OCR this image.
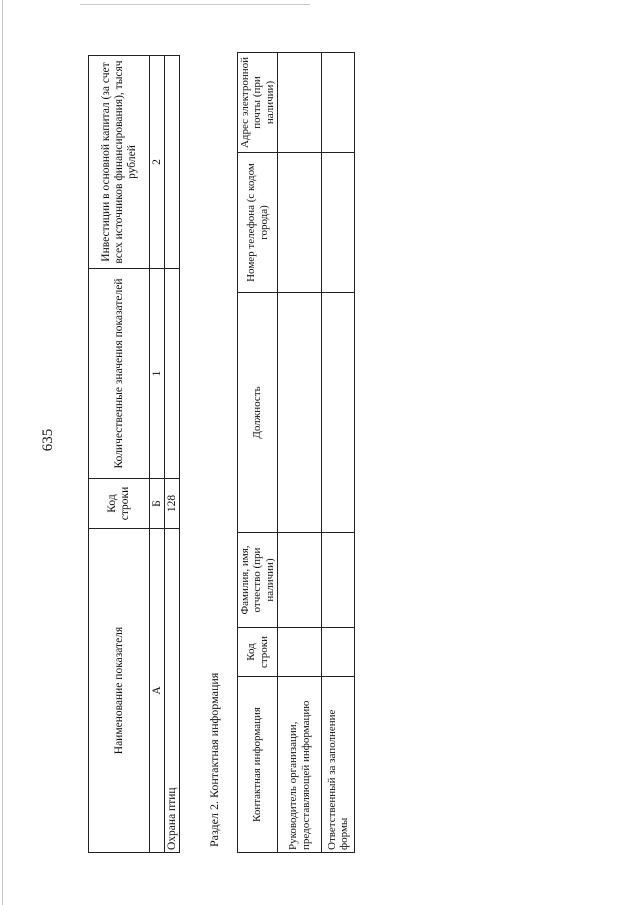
635
Наименование показателя	Код строки	Количественные значения показателей	Инвестиции в основной капитал (за счет всех источников финансирования), тысяч рублей
А	Б	1	2
Охрана птиц	128		
Раздел 2. Контактная информация	Контактная информация	Код строки	Фамилия, имя, отчество (при наличии)	Должность	Номер телефона (с кодом города)	Адрес электронной почты (при наличии)
Руководитель организации, предоставляющей информацию					
Ответственный за заполнение формы					
